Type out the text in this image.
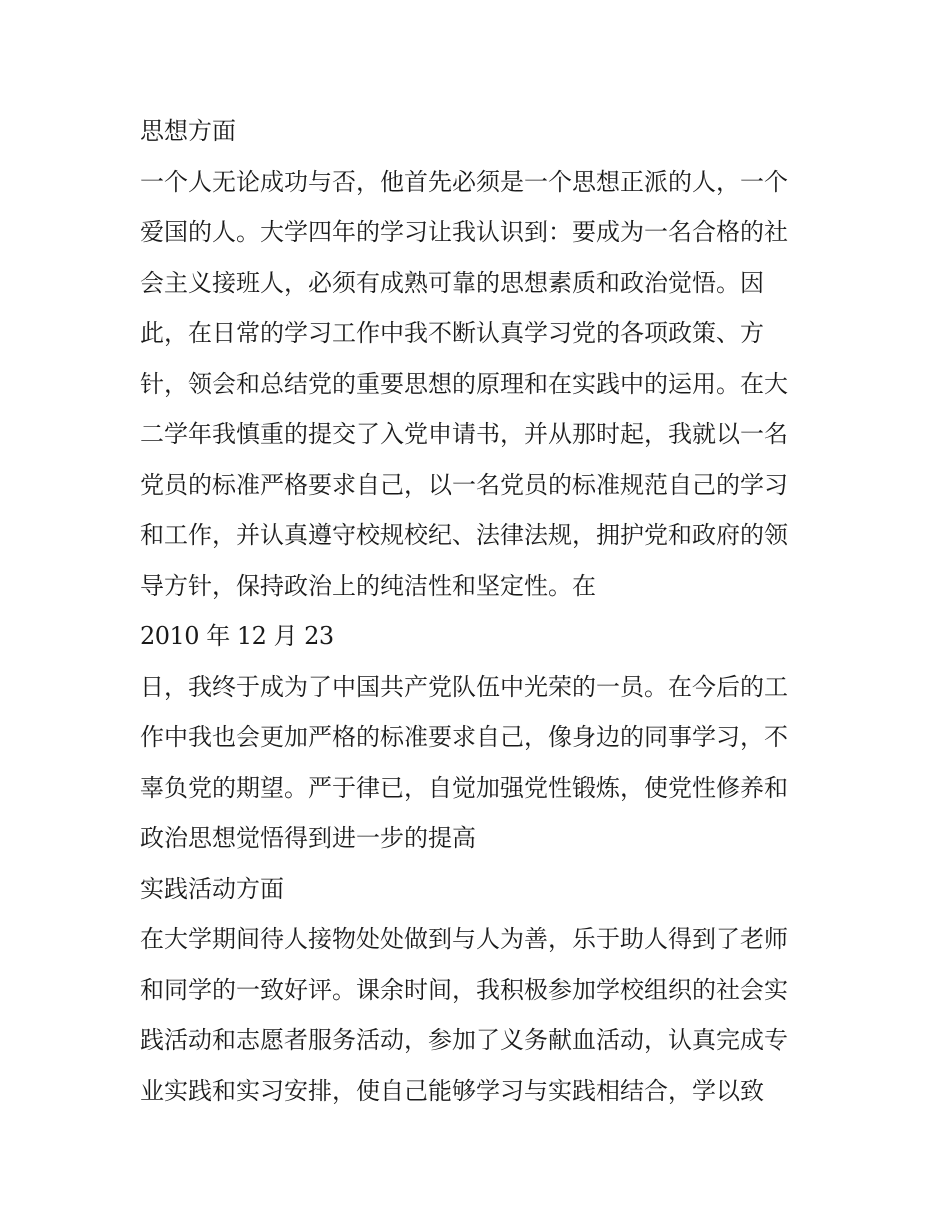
思想方面
一个人无论成功与否，他首先必须是一个思想正派的人，一个
爱国的人。大学四年的学习让我认识到：要成为一名合格的社
会主义接班人，必须有成熟可靠的思想素质和政治觉悟。因
此，在日常的学习工作中我不断认真学习党的各项政策、方
针，领会和总结党的重要思想的原理和在实践中的运用。在大
二学年我慎重的提交了入党申请书，并从那时起，我就以一名
党员的标准严格要求自己，以一名党员的标准规范自己的学习
和工作，并认真遵守校规校纪、法律法规，拥护党和政府的领
导方针，保持政治上的纯洁性和坚定性。在
2010 年 12 月 23
日，我终于成为了中国共产党队伍中光荣的一员。在今后的工
作中我也会更加严格的标准要求自己，像身边的同事学习，不
辜负党的期望。严于律已，自觉加强党性锻炼，使党性修养和
政治思想觉悟得到进一步的提高
实践活动方面
在大学期间待人接物处处做到与人为善，乐于助人得到了老师
和同学的一致好评。课余时间，我积极参加学校组织的社会实
践活动和志愿者服务活动，参加了义务献血活动，认真完成专
业实践和实习安排，使自己能够学习与实践相结合，学以致
